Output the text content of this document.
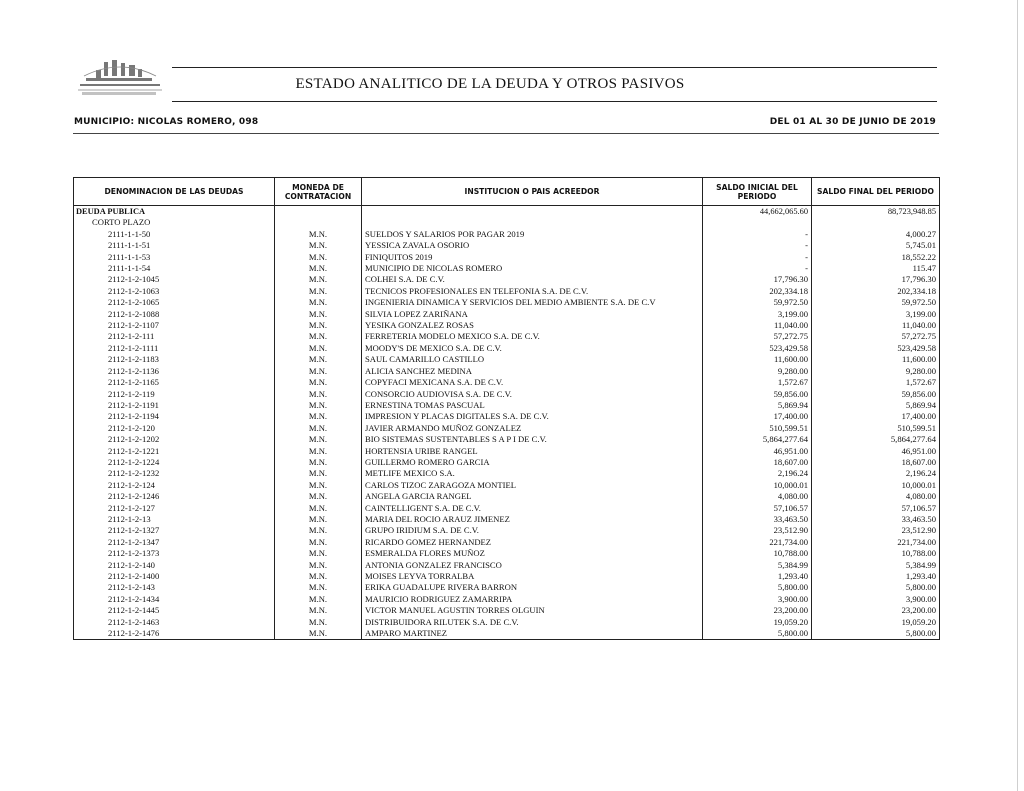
ESTADO ANALITICO DE LA DEUDA Y OTROS PASIVOS
MUNICIPIO: NICOLAS ROMERO, 098	DEL 01 AL 30 DE JUNIO DE 2019
DENOMINACION DE LAS DEUDAS	MONEDA DE CONTRATACION	INSTITUCION O PAIS ACREEDOR	SALDO INICIAL DEL PERIODO	SALDO FINAL DEL PERIODO
DEUDA PUBLICA			44,662,065.60	88,723,948.85
CORTO PLAZO				
2111-1-1-50	M.N.	SUELDOS Y SALARIOS POR PAGAR 2019	-	4,000.27
2111-1-1-51	M.N.	YESSICA ZAVALA OSORIO	-	5,745.01
2111-1-1-53	M.N.	FINIQUITOS 2019	-	18,552.22
2111-1-1-54	M.N.	MUNICIPIO DE NICOLAS ROMERO	-	115.47
2112-1-2-1045	M.N.	COLHEI S.A. DE C.V.	17,796.30	17,796.30
2112-1-2-1063	M.N.	TECNICOS PROFESIONALES EN TELEFONIA S.A. DE C.V.	202,334.18	202,334.18
2112-1-2-1065	M.N.	INGENIERIA DINAMICA Y SERVICIOS DEL MEDIO AMBIENTE S.A. DE C.V	59,972.50	59,972.50
2112-1-2-1088	M.N.	SILVIA LOPEZ ZARIÑANA	3,199.00	3,199.00
2112-1-2-1107	M.N.	YESIKA GONZALEZ ROSAS	11,040.00	11,040.00
2112-1-2-111	M.N.	FERRETERIA MODELO MEXICO S.A. DE C.V.	57,272.75	57,272.75
2112-1-2-1111	M.N.	MOODY'S DE MEXICO S.A. DE C.V.	523,429.58	523,429.58
2112-1-2-1183	M.N.	SAUL CAMARILLO CASTILLO	11,600.00	11,600.00
2112-1-2-1136	M.N.	ALICIA SANCHEZ MEDINA	9,280.00	9,280.00
2112-1-2-1165	M.N.	COPYFACI MEXICANA S.A. DE C.V.	1,572.67	1,572.67
2112-1-2-119	M.N.	CONSORCIO AUDIOVISA S.A. DE C.V.	59,856.00	59,856.00
2112-1-2-1191	M.N.	ERNESTINA TOMAS PASCUAL	5,869.94	5,869.94
2112-1-2-1194	M.N.	IMPRESION Y PLACAS DIGITALES S.A. DE C.V.	17,400.00	17,400.00
2112-1-2-120	M.N.	JAVIER ARMANDO MUÑOZ GONZALEZ	510,599.51	510,599.51
2112-1-2-1202	M.N.	BIO SISTEMAS SUSTENTABLES S A P I DE C.V.	5,864,277.64	5,864,277.64
2112-1-2-1221	M.N.	HORTENSIA URIBE RANGEL	46,951.00	46,951.00
2112-1-2-1224	M.N.	GUILLERMO ROMERO GARCIA	18,607.00	18,607.00
2112-1-2-1232	M.N.	METLIFE MEXICO S.A.	2,196.24	2,196.24
2112-1-2-124	M.N.	CARLOS TIZOC ZARAGOZA MONTIEL	10,000.01	10,000.01
2112-1-2-1246	M.N.	ANGELA GARCIA RANGEL	4,080.00	4,080.00
2112-1-2-127	M.N.	CAINTELLIGENT S.A. DE C.V.	57,106.57	57,106.57
2112-1-2-13	M.N.	MARIA DEL ROCIO ARAUZ JIMENEZ	33,463.50	33,463.50
2112-1-2-1327	M.N.	GRUPO IRIDIUM S.A. DE C.V.	23,512.90	23,512.90
2112-1-2-1347	M.N.	RICARDO GOMEZ HERNANDEZ	221,734.00	221,734.00
2112-1-2-1373	M.N.	ESMERALDA FLORES MUÑOZ	10,788.00	10,788.00
2112-1-2-140	M.N.	ANTONIA GONZALEZ FRANCISCO	5,384.99	5,384.99
2112-1-2-1400	M.N.	MOISES LEYVA TORRALBA	1,293.40	1,293.40
2112-1-2-143	M.N.	ERIKA GUADALUPE RIVERA BARRON	5,800.00	5,800.00
2112-1-2-1434	M.N.	MAURICIO RODRIGUEZ ZAMARRIPA	3,900.00	3,900.00
2112-1-2-1445	M.N.	VICTOR MANUEL AGUSTIN TORRES OLGUIN	23,200.00	23,200.00
2112-1-2-1463	M.N.	DISTRIBUIDORA RILUTEK S.A. DE C.V.	19,059.20	19,059.20
2112-1-2-1476	M.N.	AMPARO MARTINEZ	5,800.00	5,800.00
